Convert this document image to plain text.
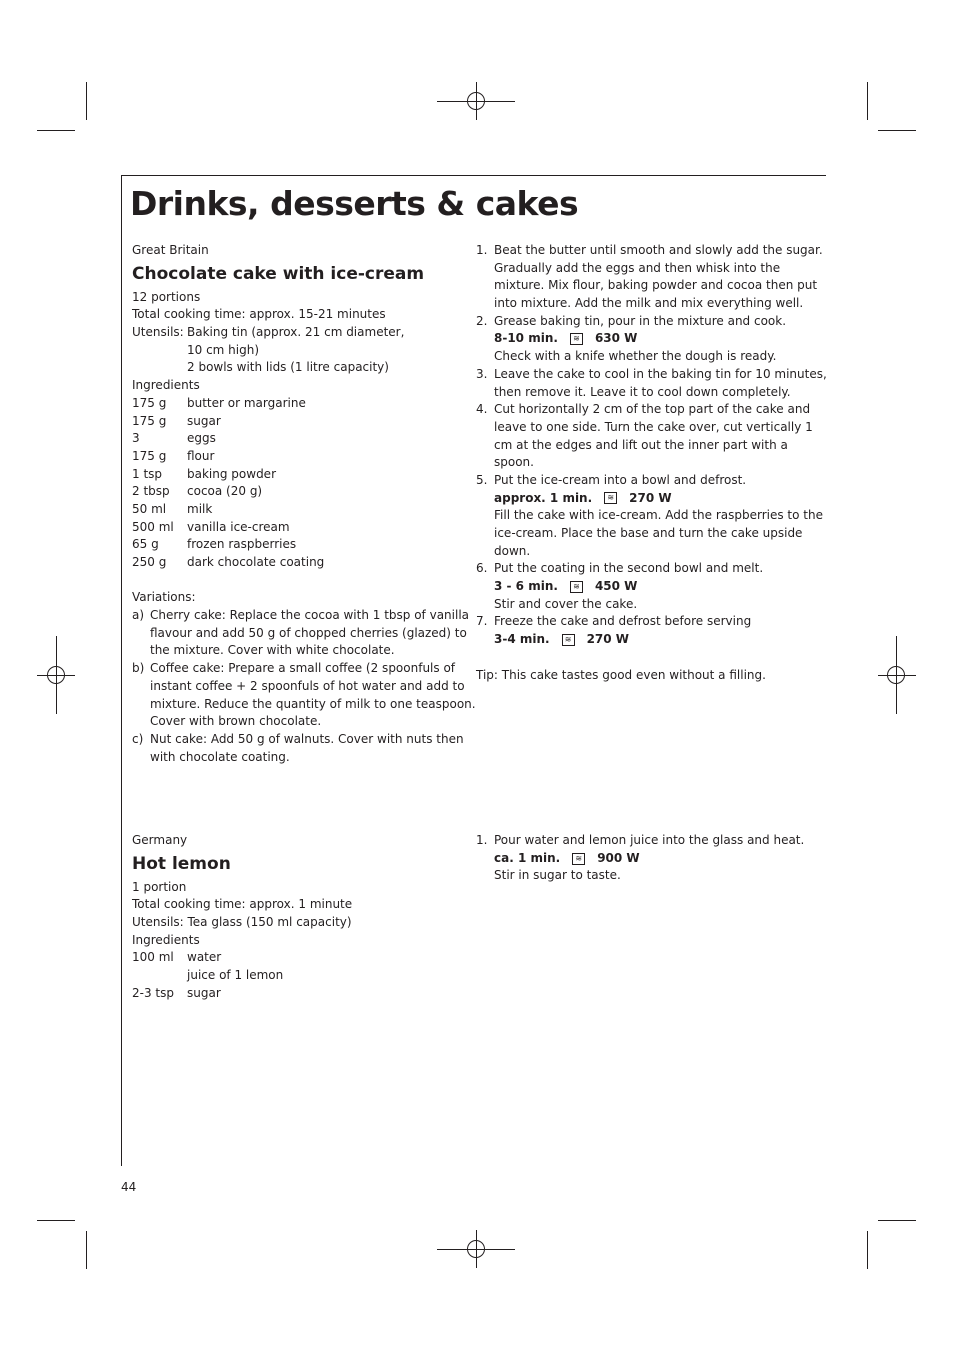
Drinks, desserts & cakes
Great Britain
Chocolate cake with ice-cream
12 portions
Total cooking time: approx. 15-21 minutes
Utensils: Baking tin (approx. 21 cm diameter,
10 cm high)
2 bowls with lids (1 litre capacity)
Ingredients
175 g	butter or margarine
175 g	sugar
3	eggs
175 g	flour
1 tsp	baking powder
2 tbsp	cocoa (20 g)
50 ml	milk
500 ml	vanilla ice-cream
65 g	frozen raspberries
250 g	dark chocolate coating
Variations:
a) Cherry cake: Replace the cocoa with 1 tbsp of vanilla
flavour and add 50 g of chopped cherries (glazed) to
the mixture. Cover with white chocolate.
b) Coffee cake: Prepare a small coffee (2 spoonfuls of
instant coffee + 2 spoonfuls of hot water and add to
mixture. Reduce the quantity of milk to one teaspoon.
Cover with brown chocolate.
c) Nut cake: Add 50 g of walnuts. Cover with nuts then
with chocolate coating.
1. Beat the butter until smooth and slowly add the sugar.
Gradually add the eggs and then whisk into the
mixture. Mix flour, baking powder and cocoa then put
into mixture. Add the milk and mix everything well.
2. Grease baking tin, pour in the mixture and cook.
8-10 min.	≋ 630 W
Check with a knife whether the dough is ready.
3. Leave the cake to cool in the baking tin for 10 minutes,
then remove it. Leave it to cool down completely.
4. Cut horizontally 2 cm of the top part of the cake and
leave to one side. Turn the cake over, cut vertically 1
cm at the edges and lift out the inner part with a
spoon.
5. Put the ice-cream into a bowl and defrost.
approx. 1 min.	≋ 270 W
Fill the cake with ice-cream. Add the raspberries to the
ice-cream. Place the base and turn the cake upside
down.
6. Put the coating in the second bowl and melt.
3 - 6 min.	≋ 450 W
Stir and cover the cake.
7. Freeze the cake and defrost before serving
3-4 min.	≋ 270 W
Tip: This cake tastes good even without a filling.
Germany
Hot lemon
1 portion
Total cooking time: approx. 1 minute
Utensils: Tea glass (150 ml capacity)
Ingredients
100 ml	water
juice of 1 lemon
2-3 tsp	sugar
1. Pour water and lemon juice into the glass and heat.
ca. 1 min.	≋ 900 W
Stir in sugar to taste.
44
